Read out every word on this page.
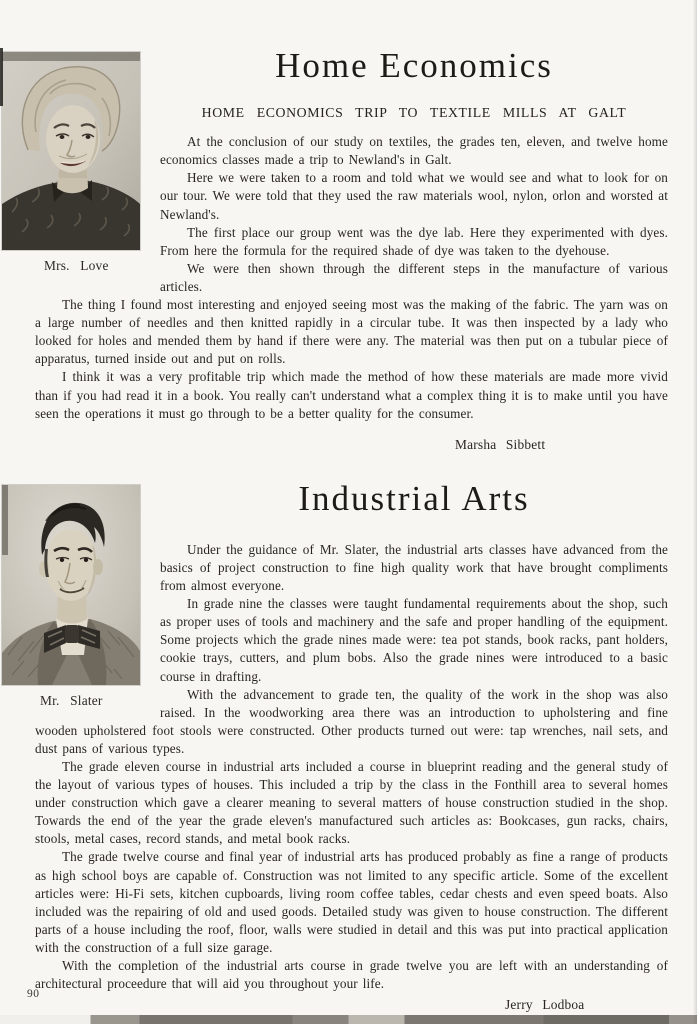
Mrs. Love
Home Economics
HOME ECONOMICS TRIP TO TEXTILE MILLS AT GALT

At the conclusion of our study on textiles, the grades ten, eleven, and twelve home economics classes made a trip to Newland's in Galt.

Here we were taken to a room and told what we would see and what to look for on our tour. We were told that they used the raw materials wool, nylon, orlon and worsted at Newland's.

The first place our group went was the dye lab. Here they experimented with dyes. From here the formula for the required shade of dye was taken to the dyehouse.

We were then shown through the different steps in the manufacture of various articles.

The thing I found most interesting and enjoyed seeing most was the making of the fabric. The yarn was on a large number of needles and then knitted rapidly in a circular tube. It was then inspected by a lady who looked for holes and mended them by hand if there were any. The material was then put on a tubular piece of apparatus, turned inside out and put on rolls.

I think it was a very profitable trip which made the method of how these materials are made more vivid than if you had read it in a book. You really can't understand what a complex thing it is to make until you have seen the operations it must go through to be a better quality for the consumer.

Marsha Sibbett
Mr. Slater
Industrial Arts

Under the guidance of Mr. Slater, the industrial arts classes have advanced from the basics of project construction to fine high quality work that have brought compliments from almost everyone.

In grade nine the classes were taught fundamental requirements about the shop, such as proper uses of tools and machinery and the safe and proper handling of the equipment. Some projects which the grade nines made were: tea pot stands, book racks, pant holders, cookie trays, cutters, and plum bobs. Also the grade nines were introduced to a basic course in drafting.

With the advancement to grade ten, the quality of the work in the shop was also raised. In the woodworking area there was an introduction to upholstering and fine wooden upholstered foot stools were constructed. Other products turned out were: tap wrenches, nail sets, and dust pans of various types.

The grade eleven course in industrial arts included a course in blueprint reading and the general study of the layout of various types of houses. This included a trip by the class in the Fonthill area to several homes under construction which gave a clearer meaning to several matters of house construction studied in the shop. Towards the end of the year the grade eleven's manufactured such articles as: Bookcases, gun racks, chairs, stools, metal cases, record stands, and metal book racks.

The grade twelve course and final year of industrial arts has produced probably as fine a range of products as high school boys are capable of. Construction was not limited to any specific article. Some of the excellent articles were: Hi-Fi sets, kitchen cupboards, living room coffee tables, cedar chests and even speed boats. Also included was the repairing of old and used goods. Detailed study was given to house construction. The different parts of a house including the roof, floor, walls were studied in detail and this was put into practical application with the construction of a full size garage.

With the completion of the industrial arts course in grade twelve you are left with an understanding of architectural proceedure that will aid you throughout your life.

Jerry Lodboa
90
